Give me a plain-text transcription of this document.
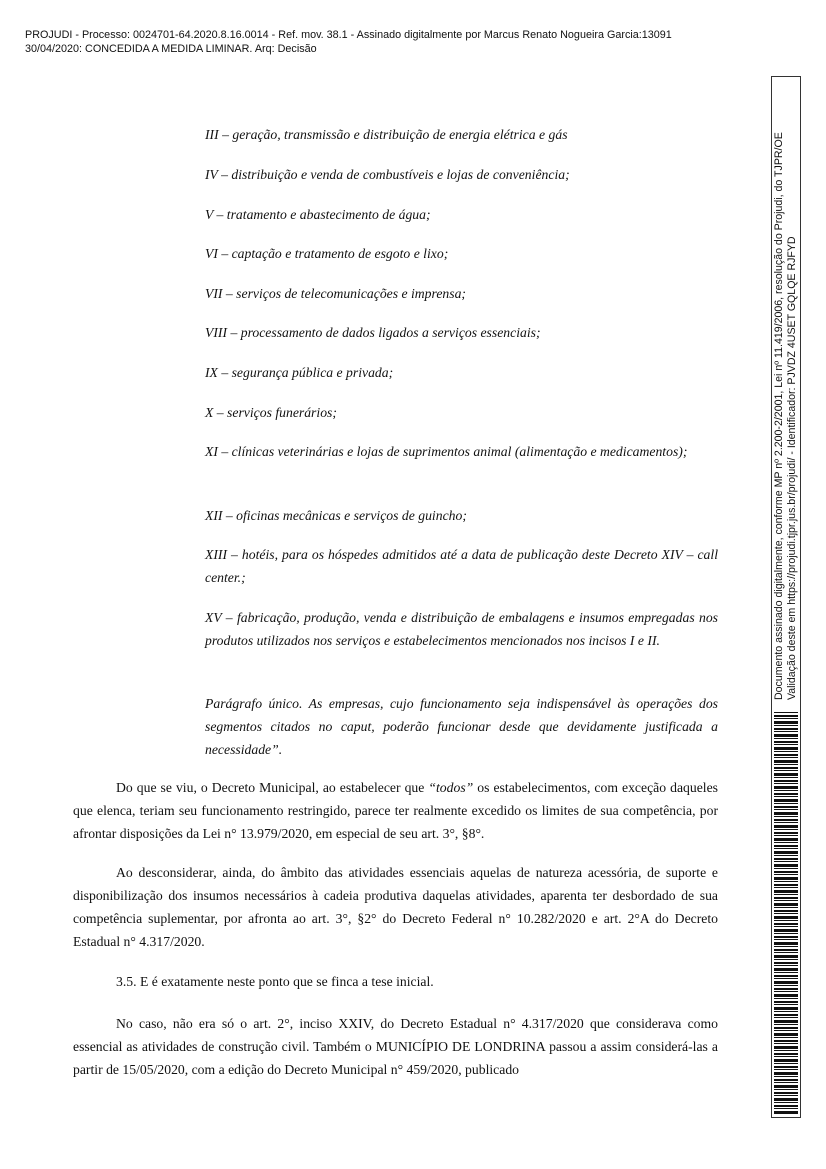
PROJUDI - Processo: 0024701-64.2020.8.16.0014 - Ref. mov. 38.1 - Assinado digitalmente por Marcus Renato Nogueira Garcia:13091
30/04/2020: CONCEDIDA A MEDIDA LIMINAR. Arq: Decisão

III – geração, transmissão e distribuição de energia elétrica e gás

IV – distribuição e venda de combustíveis e lojas de conveniência;

V – tratamento e abastecimento de água;

VI – captação e tratamento de esgoto e lixo;

VII – serviços de telecomunicações e imprensa;

VIII – processamento de dados ligados a serviços essenciais;

IX – segurança pública e privada;

X – serviços funerários;

XI – clínicas veterinárias e lojas de suprimentos animal (alimentação e medicamentos);

XII – oficinas mecânicas e serviços de guincho;

XIII – hotéis, para os hóspedes admitidos até a data de publicação deste Decreto XIV – call center.;

XV – fabricação, produção, venda e distribuição de embalagens e insumos empregadas nos produtos utilizados nos serviços e estabelecimentos mencionados nos incisos I e II.

Parágrafo único. As empresas, cujo funcionamento seja indispensável às operações dos segmentos citados no caput, poderão funcionar desde que devidamente justificada a necessidade”.

Do que se viu, o Decreto Municipal, ao estabelecer que “todos” os estabelecimentos, com exceção daqueles que elenca, teriam seu funcionamento restringido, parece ter realmente excedido os limites de sua competência, por afrontar disposições da Lei n° 13.979/2020, em especial de seu art. 3°, §8°.

Ao desconsiderar, ainda, do âmbito das atividades essenciais aquelas de natureza acessória, de suporte e disponibilização dos insumos necessários à cadeia produtiva daquelas atividades, aparenta ter desbordado de sua competência suplementar, por afronta ao art. 3°, §2° do Decreto Federal n° 10.282/2020 e art. 2°A do Decreto Estadual n° 4.317/2020.

3.5. E é exatamente neste ponto que se finca a tese inicial.

No caso, não era só o art. 2°, inciso XXIV, do Decreto Estadual n° 4.317/2020 que considerava como essencial as atividades de construção civil. Também o MUNICÍPIO DE LONDRINA passou a assim considerá-las a partir de 15/05/2020, com a edição do Decreto Municipal n° 459/2020, publicado

Documento assinado digitalmente, conforme MP nº 2.200-2/2001, Lei nº 11.419/2006, resolução do Projudi, do TJPR/OE Validação deste em https://projudi.tjpr.jus.br/projudi/ - Identificador: PJVDZ 4USET GQLQE RJFYD
